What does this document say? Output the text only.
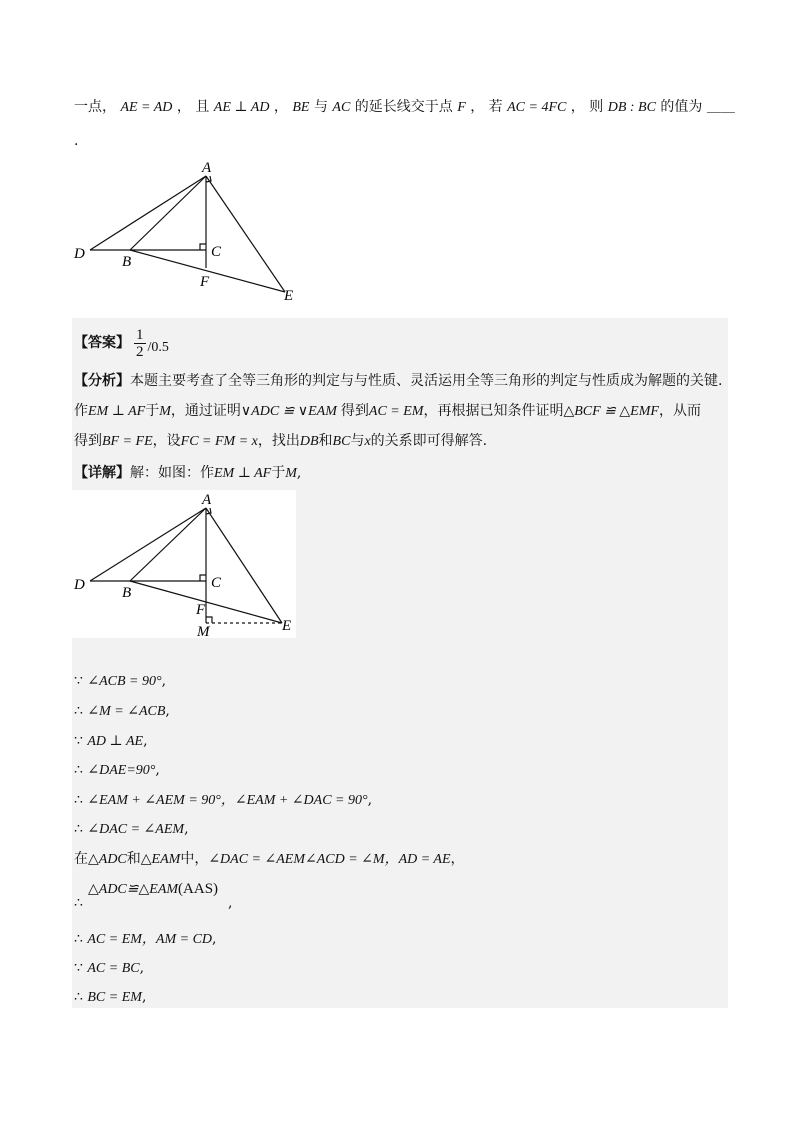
一点， AE = AD ， 且 AE ⊥ AD ， BE 与 AC 的延长线交于点 F ， 若 AC = 4FC ， 则 DB : BC 的值为 ＿＿
.
A
D B
C
F
E
【答案】 $\frac{1}{2} /0.5$
【分析】本题主要考查了全等三角形的判定与与性质、灵活运用全等三角形的判定与性质成为解题的关键.
作EM ⊥ AF于M，通过证明∨ADC ≌ ∨EAM 得到AC = EM，再根据已知条件证明△BCF ≌ △EMF，从而
得到BF = FE，设FC = FM = x，找出DB和BC与x的关系即可得解答.
【详解】解：如图：作EM ⊥ AF于M,
A
D B
C
F
M	E
∵ ∠ACB = 90°,
∴ ∠M = ∠ACB,
∵ AD ⊥ AE,
∴ ∠DAE=90°,
∴ ∠EAM + ∠AEM = 90°，∠EAM + ∠DAC = 90°,
∴ ∠DAC = ∠AEM,
在△ADC和△EAM中，∠DAC = ∠AEM∠ACD = ∠M，AD = AE，
∴
△ADC≌△EAM(AAS)
,
∴ AC = EM，AM = CD,
∵ AC = BC,
∴ BC = EM,
